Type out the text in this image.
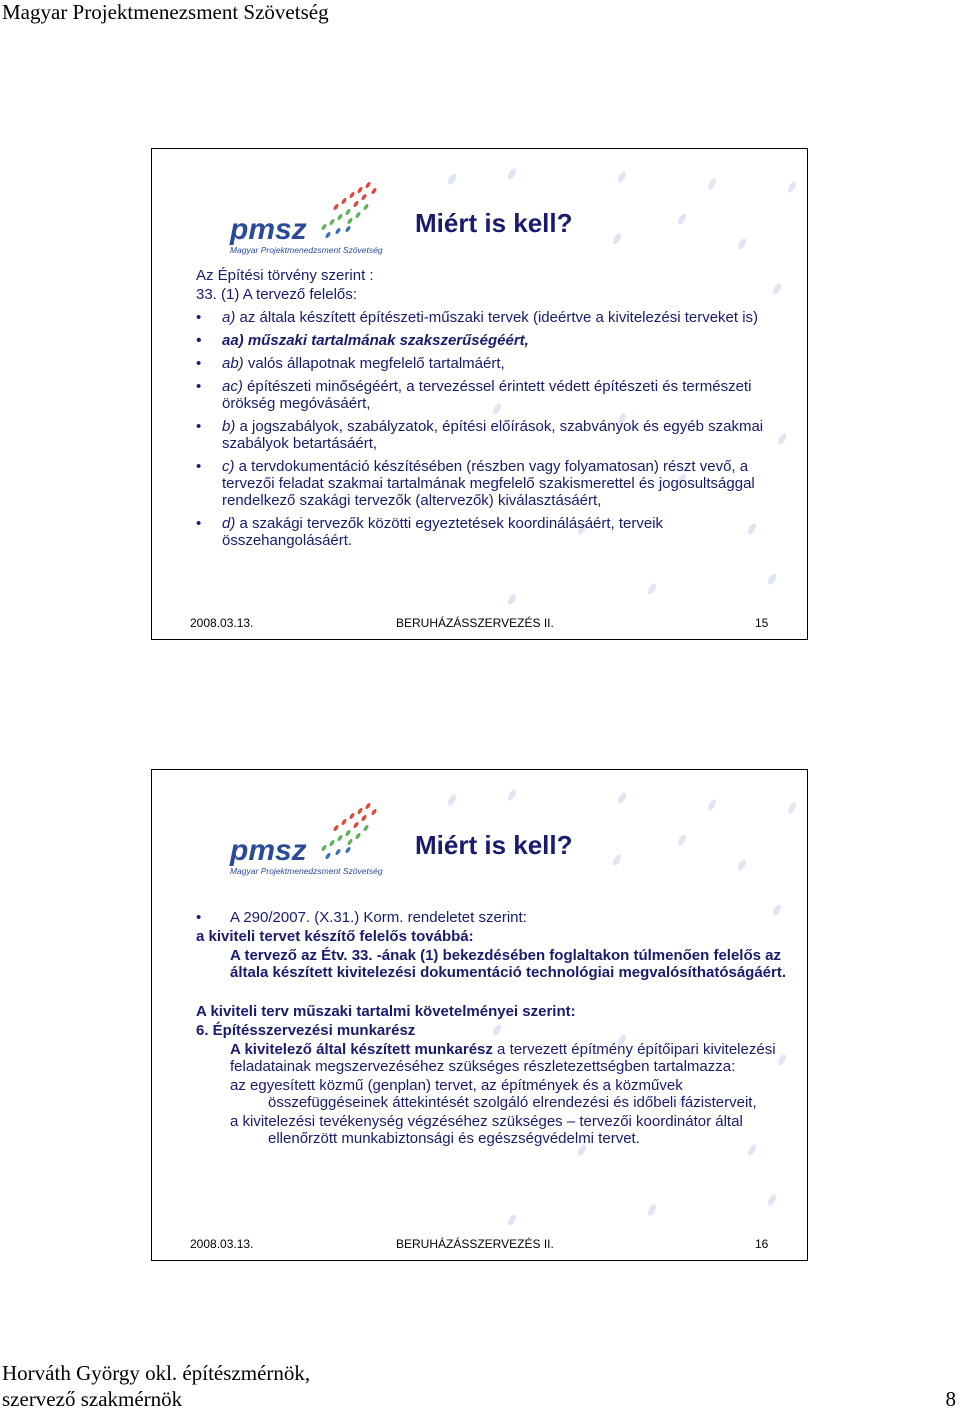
Magyar Projektmenezsment Szövetség
pmsz
Magyar Projektmenedzsment Szövetség
Miért is kell?
Az Építési törvény szerint :
33. (1) A tervező felelős:
• a) az általa készített építészeti-műszaki tervek (ideértve a kivitelezési terveket is)
• aa) műszaki tartalmának szakszerűségéért,
• ab) valós állapotnak megfelelő tartalmáért,
• ac) építészeti minőségéért, a tervezéssel érintett védett építészeti és természeti örökség megóvásáért,
• b) a jogszabályok, szabályzatok, építési előírások, szabványok és egyéb szakmai szabályok betartásáért,
• c) a tervdokumentáció készítésében (részben vagy folyamatosan) részt vevő, a tervezői feladat szakmai tartalmának megfelelő szakismerettel és jogosultsággal rendelkező szakági tervezők (altervezők) kiválasztásáért,
• d) a szakági tervezők közötti egyeztetések koordinálásáért, terveik összehangolásáért.
2008.03.13.	BERUHÁZÁSSZERVEZÉS II.	15
pmsz
Magyar Projektmenedzsment Szövetség
Miért is kell?
• A 290/2007. (X.31.) Korm. rendeletet szerint:
a kiviteli tervet készítő felelős továbbá:
A tervező az Étv. 33. -ának (1) bekezdésében foglaltakon túlmenően felelős az általa készített kivitelezési dokumentáció technológiai megvalósíthatóságáért.
A kiviteli terv műszaki tartalmi követelményei szerint:
6. Építésszervezési munkarész
A kivitelező által készített munkarész a tervezett építmény építőipari kivitelezési feladatainak megszervezéséhez szükséges részletezettségben tartalmazza:
az egyesített közmű (genplan) tervet, az építmények és a közművek összefüggéseinek áttekintését szolgáló elrendezési és időbeli fázisterveit,
a kivitelezési tevékenység végzéséhez szükséges – tervezői koordinátor által ellenőrzött munkabiztonsági és egészségvédelmi tervet.
2008.03.13.	BERUHÁZÁSSZERVEZÉS II.	16
Horváth György okl. építészmérnök,
szervező szakmérnök	8
